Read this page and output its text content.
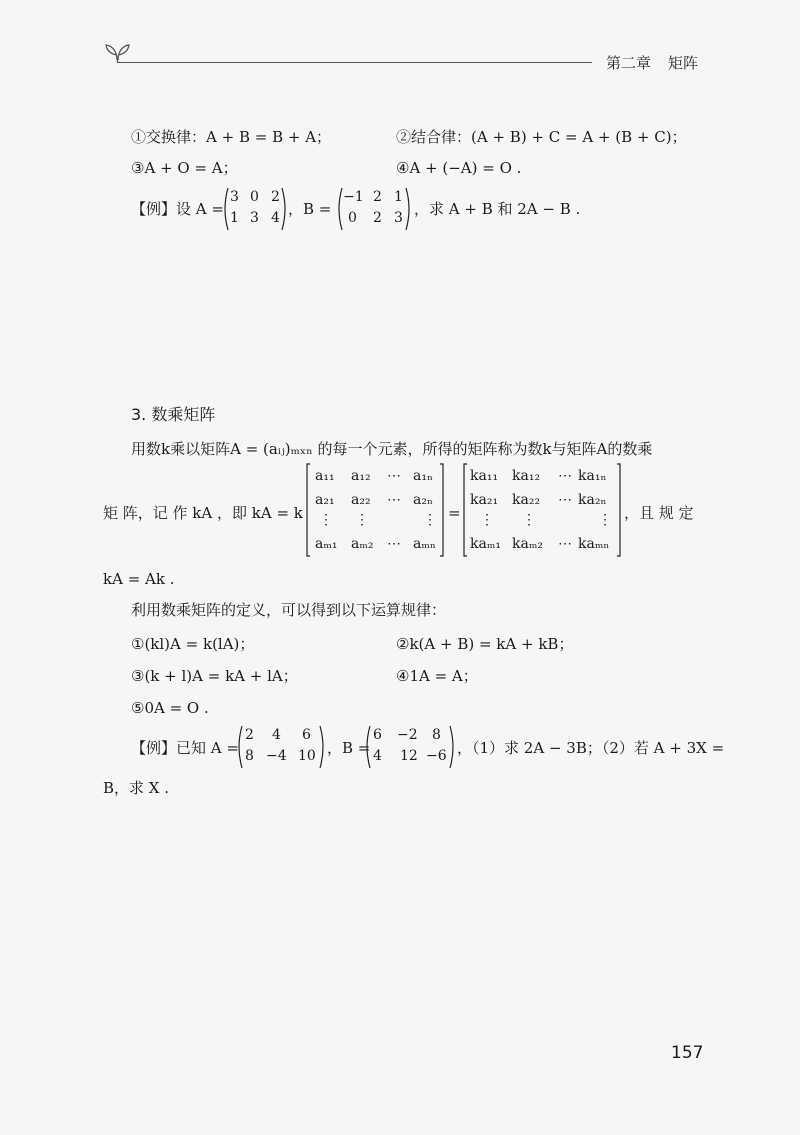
第二章 矩阵
①交换律：A + B = B + A；	②结合律：(A + B) + C = A + (B + C)；
③A + O = A；	④A + (−A) = O .
【例】设 A =
3 0 2
1 3 4 ，B =
−1 2 1
0 2 3 ，求 A + B 和 2A − B .
3. 数乘矩阵
用数k乘以矩阵A = (aᵢⱼ)ₘₓₙ 的每一个元素，所得的矩阵称为数k与矩阵A的数乘
矩 阵，记 作 kA ，即 kA = k
a₁₁ a₁₂ ⋯ a₁ₙ
a₂₁ a₂₂ ⋯ a₂ₙ
⋮ ⋮	⋮
aₘ₁ aₘ₂ ⋯ aₘₙ
=
ka₁₁ ka₁₂ ⋯ ka₁ₙ
ka₂₁ ka₂₂ ⋯ ka₂ₙ
⋮ ⋮	⋮
kaₘ₁ kaₘ₂ ⋯ kaₘₙ
，且 规 定
kA = Ak .
利用数乘矩阵的定义，可以得到以下运算规律：
①(kl)A = k(lA)；	②k(A + B) = kA + kB；
③(k + l)A = kA + lA；	④1A = A；
⑤0A = O .
【例】已知 A =
2 4 6
8 −4 10 ，B =
6 −2 8
4 12 −6 ，（1）求 2A − 3B；（2）若 A + 3X =
B，求 X .
157
